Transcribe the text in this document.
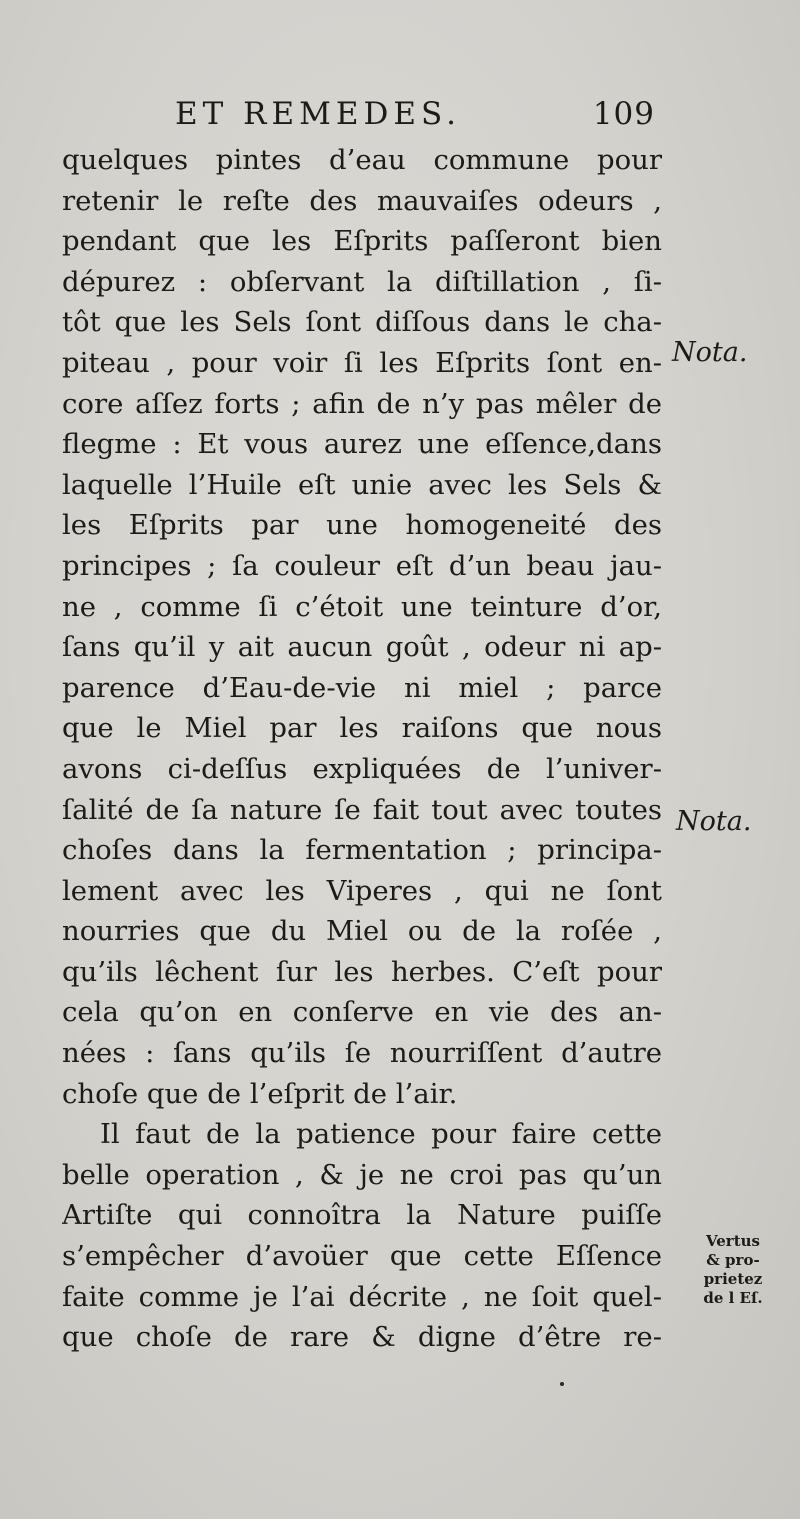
ET REMEDES.	109
quelques pintes d’eau commune pour
retenir le reſte des mauvaiſes odeurs ,
pendant que les Eſprits paſſeront bien
dépurez : obſervant la diſtillation , ſi-
tôt que les Sels ſont diſſous dans le cha-
piteau , pour voir ſi les Eſprits ſont en-
core aſſez forts ; afin de n’y pas mêler de
flegme : Et vous aurez une eſſence,dans
laquelle l’Huile eſt unie avec les Sels &
les Eſprits par une homogeneité des
principes ; ſa couleur eſt d’un beau jau-
ne , comme ſi c’étoit une teinture d’or,
ſans qu’il y ait aucun goût , odeur ni ap-
parence d’Eau-de-vie ni miel ; parce
que le Miel par les raiſons que nous
avons ci-deſſus expliquées de l’univer-
ſalité de ſa nature ſe fait tout avec toutes
choſes dans la fermentation ; principa-
lement avec les Viperes , qui ne ſont
nourries que du Miel ou de la roſée ,
qu’ils lêchent ſur les herbes. C’eſt pour
cela qu’on en conſerve en vie des an-
nées : ſans qu’ils ſe nourriſſent d’autre
choſe que de l’eſprit de l’air.
Il faut de la patience pour faire cette
belle operation , & je ne croi pas qu’un
Artiſte qui connoîtra la Nature puiſſe
s’empêcher d’avoüer que cette Eſſence
faite comme je l’ai décrite , ne ſoit quel-
que choſe de rare & digne d’être re-
Nota.
Nota.
Vertus
& pro-
prietez
de l Eſ.
